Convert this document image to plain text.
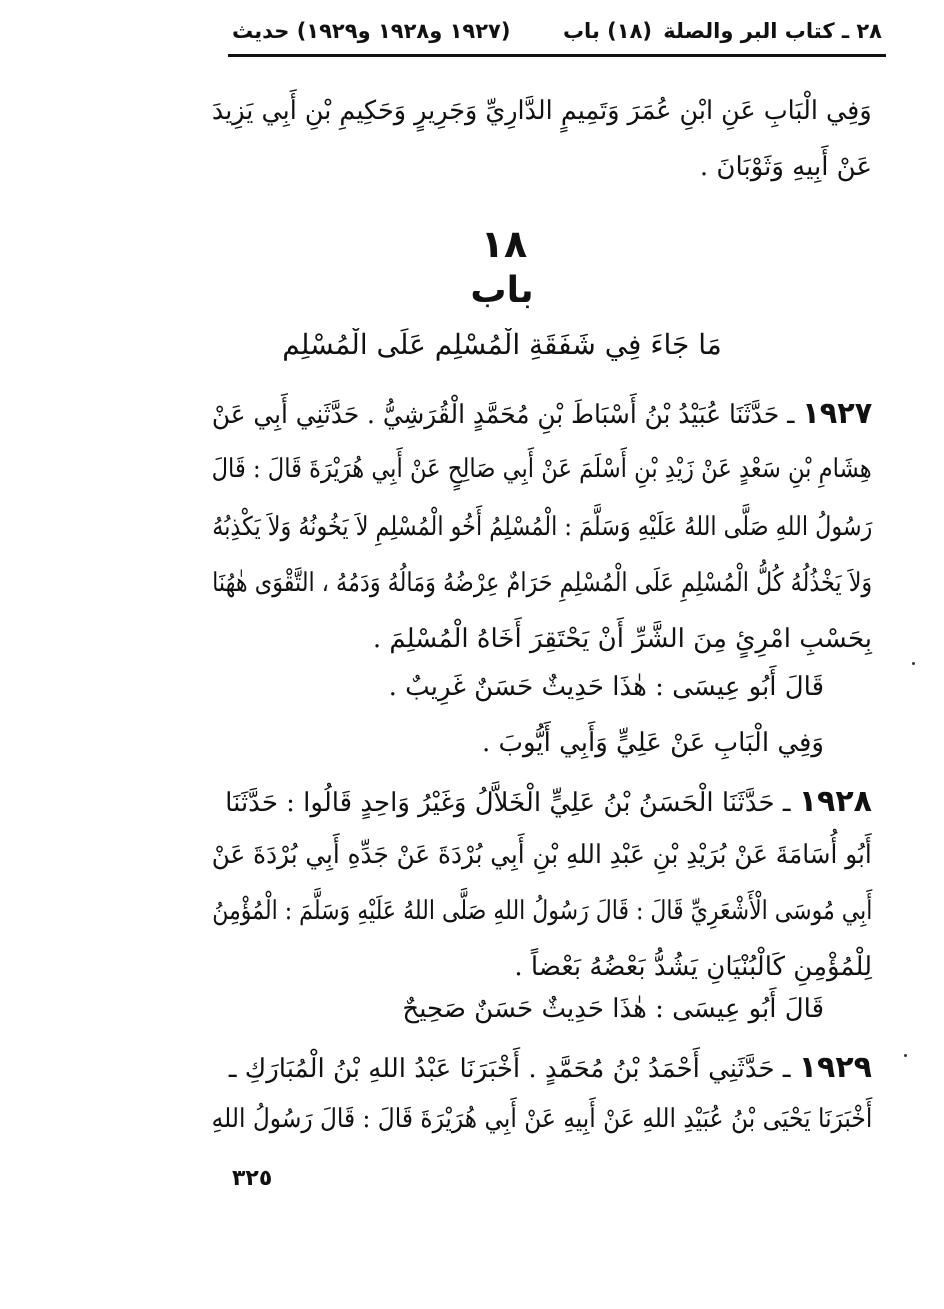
٢٨ ـ كتاب البر والصلة
(١٨) باب
(١٩٢٧ و١٩٢٨ و١٩٢٩) حديث
وَفِي الْبَابِ عَنِ ابْنِ عُمَرَ وَتَمِيمٍ الدَّارِيِّ وَجَرِيرٍ وَحَكِيمِ بْنِ أَبِي يَزِيدَ
عَنْ أَبِيهِ وَثَوْبَانَ .
١٨
باب
مَا جَاءَ فِي شَفَقَةِ الْمُسْلِمِ عَلَى الْمُسْلِمِ
١٩٢٧ ـ حَدَّثَنَا عُبَيْدُ بْنُ أَسْبَاطَ بْنِ مُحَمَّدٍ الْقُرَشِيُّ . حَدَّثَنِي أَبِي عَنْ
هِشَامِ بْنِ سَعْدٍ عَنْ زَيْدِ بْنِ أَسْلَمَ عَنْ أَبِي صَالِحٍ عَنْ أَبِي هُرَيْرَةَ قَالَ : قَالَ
رَسُولُ اللهِ صَلَّى اللهُ عَلَيْهِ وَسَلَّمَ : الْمُسْلِمُ أَخُو الْمُسْلِمِ لاَ يَخُونُهُ وَلاَ يَكْذِبُهُ
وَلاَ يَخْذُلُهُ كُلُّ الْمُسْلِمِ عَلَى الْمُسْلِمِ حَرَامٌ عِرْضُهُ وَمَالُهُ وَدَمُهُ ، التَّقْوَى هٰهُنَا
بِحَسْبِ امْرِئٍ مِنَ الشَّرِّ أَنْ يَحْتَقِرَ أَخَاهُ الْمُسْلِمَ .
قَالَ أَبُو عِيسَى : هٰذَا حَدِيثٌ حَسَنٌ غَرِيبٌ .
وَفِي الْبَابِ عَنْ عَلِيٍّ وَأَبِي أَيُّوبَ .
١٩٢٨ ـ حَدَّثَنَا الْحَسَنُ بْنُ عَلِيٍّ الْخَلاَّلُ وَغَيْرُ وَاحِدٍ قَالُوا : حَدَّثَنَا
أَبُو أُسَامَةَ عَنْ بُرَيْدِ بْنِ عَبْدِ اللهِ بْنِ أَبِي بُرْدَةَ عَنْ جَدِّهِ أَبِي بُرْدَةَ عَنْ
أَبِي مُوسَى الْأَشْعَرِيِّ قَالَ : قَالَ رَسُولُ اللهِ صَلَّى اللهُ عَلَيْهِ وَسَلَّمَ : الْمُؤْمِنُ
لِلْمُؤْمِنِ كَالْبُنْيَانِ يَشُدُّ بَعْضُهُ بَعْضاً .
قَالَ أَبُو عِيسَى : هٰذَا حَدِيثٌ حَسَنٌ صَحِيحٌ
١٩٢٩ ـ حَدَّثَنِي أَحْمَدُ بْنُ مُحَمَّدٍ . أَخْبَرَنَا عَبْدُ اللهِ بْنُ الْمُبَارَكِ ـ
أَخْبَرَنَا يَحْيَى بْنُ عُبَيْدِ اللهِ عَنْ أَبِيهِ عَنْ أَبِي هُرَيْرَةَ قَالَ : قَالَ رَسُولُ اللهِ
٣٢٥
